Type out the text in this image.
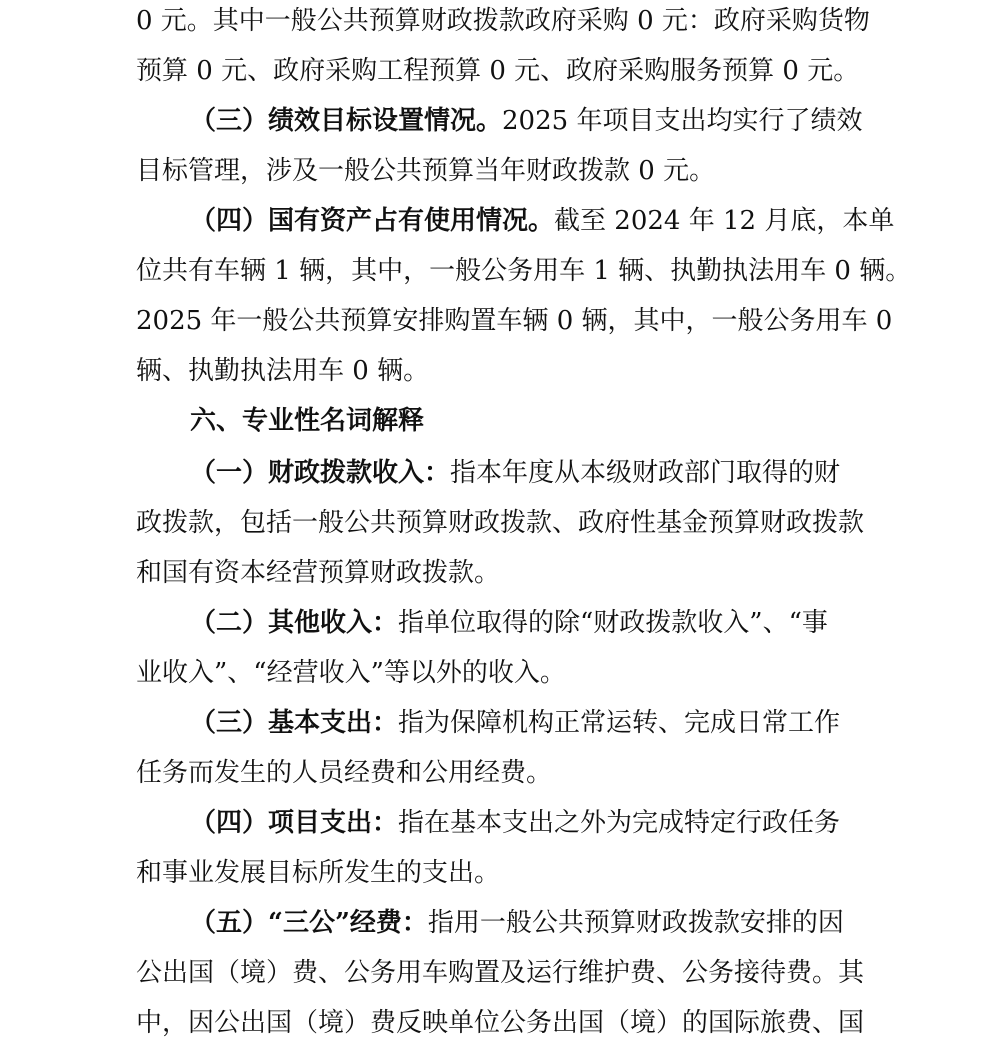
0 元。其中一般公共预算财政拨款政府采购 0 元：政府采购货物
预算 0 元、政府采购工程预算 0 元、政府采购服务预算 0 元。
（三）绩效目标设置情况。2025 年项目支出均实行了绩效
目标管理，涉及一般公共预算当年财政拨款 0 元。
（四）国有资产占有使用情况。截至 2024 年 12 月底，本单
位共有车辆 1 辆，其中，一般公务用车 1 辆、执勤执法用车 0 辆。
2025 年一般公共预算安排购置车辆 0 辆，其中，一般公务用车 0
辆、执勤执法用车 0 辆。
六、专业性名词解释
（一）财政拨款收入：指本年度从本级财政部门取得的财
政拨款，包括一般公共预算财政拨款、政府性基金预算财政拨款
和国有资本经营预算财政拨款。
（二）其他收入：指单位取得的除“财政拨款收入”、“事
业收入”、“经营收入”等以外的收入。
（三）基本支出：指为保障机构正常运转、完成日常工作
任务而发生的人员经费和公用经费。
（四）项目支出：指在基本支出之外为完成特定行政任务
和事业发展目标所发生的支出。
（五）“三公”经费：指用一般公共预算财政拨款安排的因
公出国（境）费、公务用车购置及运行维护费、公务接待费。其
中，因公出国（境）费反映单位公务出国（境）的国际旅费、国
